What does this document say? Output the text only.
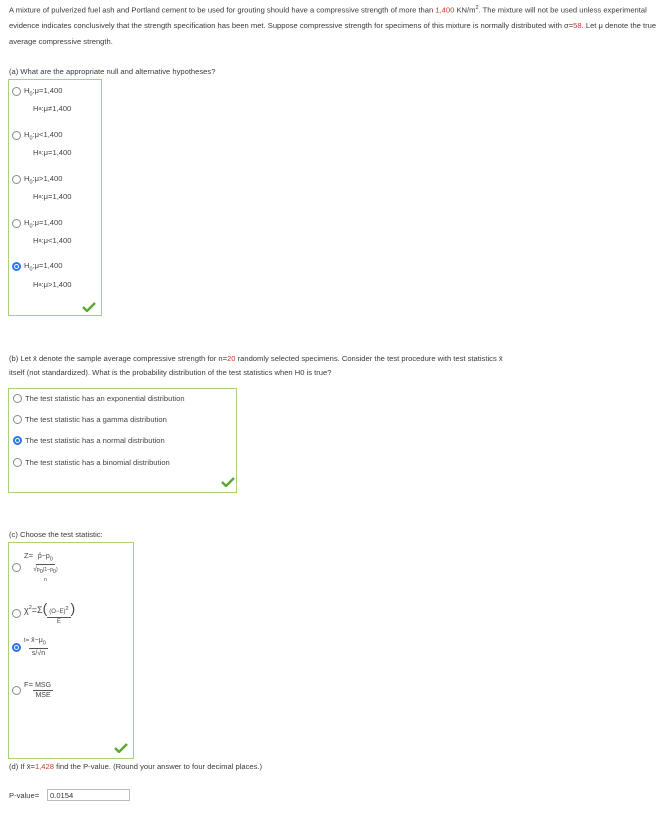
A mixture of pulverized fuel ash and Portland cement to be used for grouting should have a compressive strength of more than 1,400 $KN/m^2$. The mixture will not be used unless experimental evidence indicates conclusively that the strength specification has been met. Suppose compressive strength for specimens of this mixture is normally distributed with σ=58. Let μ denote the true average compressive strength.
(a) What are the appropriate null and alternative hypotheses?
$H_0:\mu=1,400$
H a :μ≠1,400
$H_0:\mu<1,400$
H a :μ=1,400
$H_0:\mu>1,400$
H a :μ=1,400
$H_0:\mu=1,400$
H a :μ<1,400
$H_0:\mu=1,400$
H a :μ>1,400
(b) Let x̄ denote the sample average compressive strength for n=20 randomly selected specimens. Consider the test procedure with test statistics x̄
itself (not standardized). What is the probability distribution of the test statistics when H0 is true?
The test statistic has an exponential distribution
The test statistic has a gamma distribution
The test statistic has a normal distribution
The test statistic has a binomial distribution
(c) Choose the test statistic:
$Z= p̂-p_0$
$√p_0(1-p_0)$
n
$\chi^2=\Sigma( \frac{(O-E)^2}{E}$ )
$t= \frac{x̄-\mu_0}{s/√n}$
$F= \frac{\text{MSG}}{\text{MSE}}$
(d) If x̄=1,428 find the P-value. (Round your answer to four decimal places.)
P-value=	0.0154
